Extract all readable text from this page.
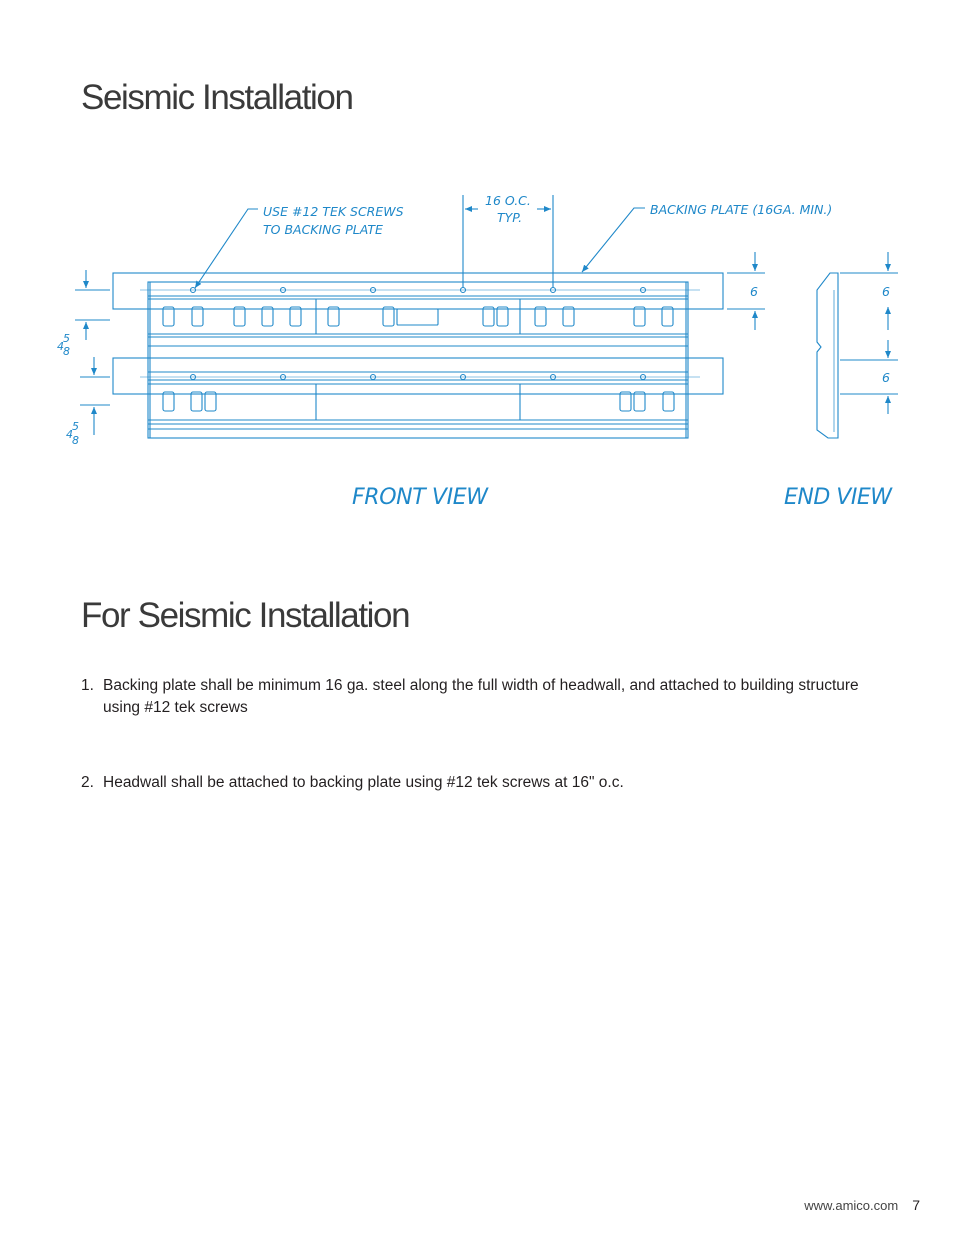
Seismic Installation
USE #12 TEK SCREWS
TO BACKING PLATE
16 O.C.
TYP.
BACKING PLATE (16GA. MIN.)
6	6
6
4
5
8
4
5
8
FRONT VIEW	END VIEW
For Seismic Installation
1. Backing plate shall be minimum 16 ga. steel along the full width of headwall, and attached to building structure using #12 tek screws
2. Headwall shall be attached to backing plate using #12 tek screws at 16" o.c.
www.amico.com 7
